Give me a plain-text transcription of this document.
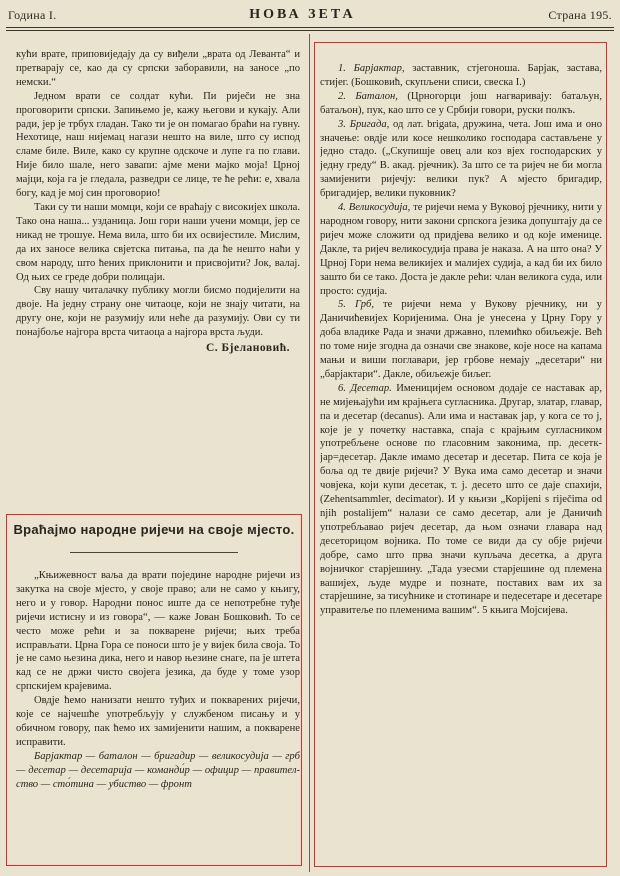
Година I.	НОВА ЗЕТА	Страна 195.

кући врате, приповиједају да су виђели „врата од Леванта“ и претварају се, као да су српски заборавили, на заносе „по немски.“

Једном врати се солдат кући. Пи риječи не зна проговорити српски. Запињемо је, кажу његови и кукају. Али ради, јер је трбух гладан. Тако ти је он помагао браћи на гувну. Нехотице, наш нијемац нагази нешто на виле, што су испод сламе биле. Виле, како су крупне одскоче и лупе га по глави. Није било шале, него завапи: ајме мени мајко моја! Црној мајци, која га је гледала, разведри се лице, те ће рећи: е, хвала богу, кад је мој син проговорио!

Таки су ти наши момци, који се враћају с високијех школа. Тако она наша... узданица. Још гори наши учени момци, јер се никад не трошуе. Нема вила, што би их освијестиле. Мислим, да их заносе велика свјетска питања, па да ће нешто наћи у свом народу, што ћених приклонити и присвојити? Јок, валај. Од њих се греде добри полицаји.

Сву нашу читалачку публику могли бисмо подијелити на двоје. На једну страну оне читаоце, који не знају читати, на другу оне, који не разумију или неће да разумију. Ови су ти понајбоље најгора врста читаоца а најгора врста људи.

С. Бјелановић.
Враћајмо народне ријечи на своје мјесто.

„Књижевност ваља да врати поједине народне ријечи из закутка на своје мјесто, у своје право; али не само у књигу, него и у говор. Народни понос иште да се непотребне туђе ријечи истисну и из говора“, — каже Јован Бошковић. То се често може рећи и за покварене ријечи; њих треба исправљати. Црна Гора се поноси што је у вијек била своја. То је не само њезина дика, него и навор њезине снаге, па је штета кад се не држи чисто својега језика, да буде у томе узор српскијем крајевима.

Овдје ћемо нанизати нешто туђих и покварених ријечи, које се најчешће употребљују у службеном писању и у обичном говору, пак ћемо их замијенити нашим, а покварене исправити.

Барјактар — баталон — бригадир — великосудија — грб — десетар — десетарија — команди́р — официр — правителство — сто́тина — убиство — фронт

1. Барјактар, заставник, стјегоноша. Барјак, застава, стијег. (Бошковић, скупљени списи, свеска I.)

2. Баталон, (Црногорци још нагваривају: батаљун, батаљон), пук, као што се у Србији говори, руски полкъ.

3. Бригада, од лат. brigata, дружина, чета. Још има и оно значење: овдје или косе нешколико господара састављене у једно стадо. („Скупишје овец али коз вјех господарских у једну греду“ В. акад. рјечник). За што се та ријеч не би могла замијенити ријечју: велики пук? А мјесто бригадир, бригадијер, велики пуковник?

4. Великосудија, те ријечи нема у Вуковој рјечнику, нити у народном говору, нити закони српскога језика допуштају да се ријеч може сложити од придјева велико и од које именице. Дакле, та ријеч великосудија права је наказа. А на што она? У Црној Гори нема великијех и малијех судија, а кад би их било зашто би се тако. Доста је дакле рећи: члан великога суда, или просто: судија.

5. Грб, те ријечи нема у Вукову рјечнику, ни у Даничићевијех Коријенима. Она је унесена у Црну Гору у доба владике Рада и значи државно, племићко обиљежје. Већ по томе није згодна да означи све знакове, које носе на капама мањи и виши поглавари, јер грбове немају „десетари“ ни „барјактари“. Дакле, обиљежје биљег.

6. Десетар. Именицијем основом додаје се наставак ар, не мијењајући им крајњега сугласника. Другар, златар, главар, па и десетар (decanus). Али има и наставак јар, у кога се то ј, које је у почетку наставка, спаја с крајњим сугласником употребљене основе по гласовним законима, пр. десетк-јар=десетар. Дакле имамо десетар и десетар. Пита се која је боља од те двије ријечи? У Вука има само десетар и значи човјека, који купи десетак, т. ј. десето што се даје спахији, (Zehentsammler, decimator). И у књизи „Корijeni s riječima od njih postalijem“ налази се само десетар, али је Даничић употребљавао ријеч десетар, да њом означи главара над десеторицом војника. По томе се види да су обје ријечи добре, само што прва значи купљача десетка, а друга војничког старјешину. „Тада узесми старјешине од племена вашијех, људе мудре и познате, поставих вам их за старјешине, за тисућнике и стотинаре и педесетаре и десетаре управитеље по племенима вашим“. 5 књига Мојсијева.
